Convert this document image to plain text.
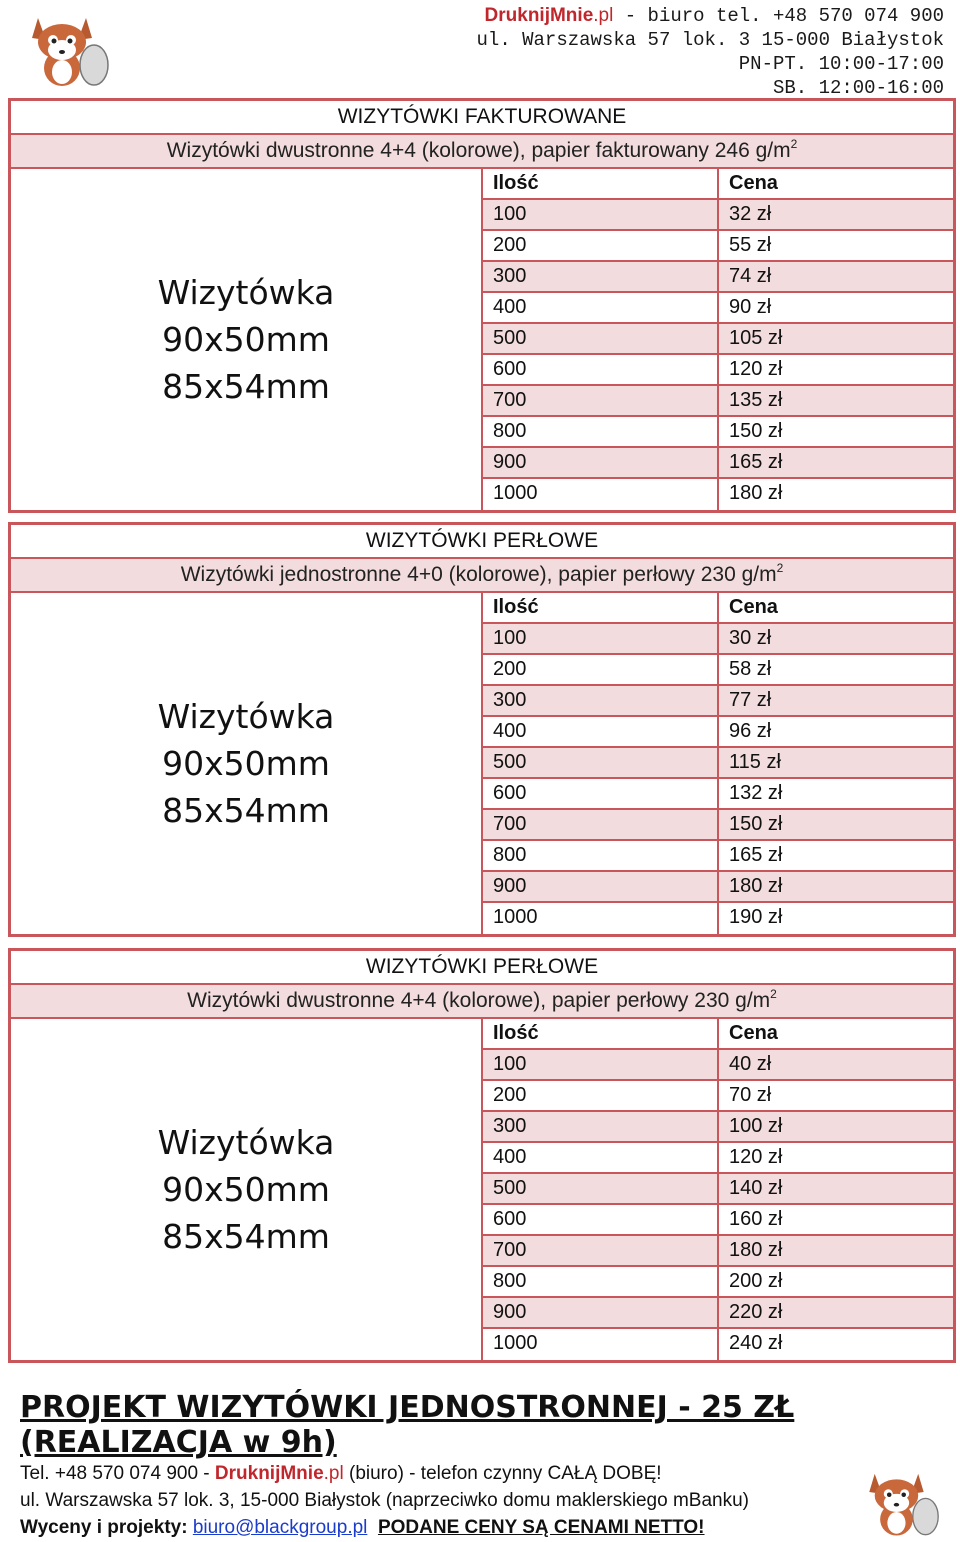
DruknijMnie.pl - biuro tel. +48 570 074 900
ul. Warszawska 57 lok. 3 15-000 Białystok
PN-PT. 10:00-17:00
SB. 12:00-16:00
WIZYTÓWKI FAKTUROWANE
Wizytówki dwustronne 4+4 (kolorowe), papier fakturowany 246 $g/m^2$
Wizytówka
90x50mm
85x54mm
Ilość	Cena
100	32 zł
200	55 zł
300	74 zł
400	90 zł
500	105 zł
600	120 zł
700	135 zł
800	150 zł
900	165 zł
1000	180 zł
WIZYTÓWKI PERŁOWE
Wizytówki jednostronne 4+0 (kolorowe), papier perłowy 230 $g/m^2$
Wizytówka
90x50mm
85x54mm
Ilość	Cena
100	30 zł
200	58 zł
300	77 zł
400	96 zł
500	115 zł
600	132 zł
700	150 zł
800	165 zł
900	180 zł
1000	190 zł
WIZYTÓWKI PERŁOWE
Wizytówki dwustronne 4+4 (kolorowe), papier perłowy 230 $g/m^2$
Wizytówka
90x50mm
85x54mm
Ilość	Cena
100	40 zł
200	70 zł
300	100 zł
400	120 zł
500	140 zł
600	160 zł
700	180 zł
800	200 zł
900	220 zł
1000	240 zł
PROJEKT WIZYTÓWKI JEDNOSTRONNEJ - 25 ZŁ (REALIZACJA w 9h)
Tel. +48 570 074 900 - DruknijMnie.pl (biuro) - telefon czynny CAŁĄ DOBĘ!
ul. Warszawska 57 lok. 3, 15-000 Białystok (naprzeciwko domu maklerskiego mBanku)
Wyceny i projekty: biuro@blackgroup.pl PODANE CENY SĄ CENAMI NETTO!
